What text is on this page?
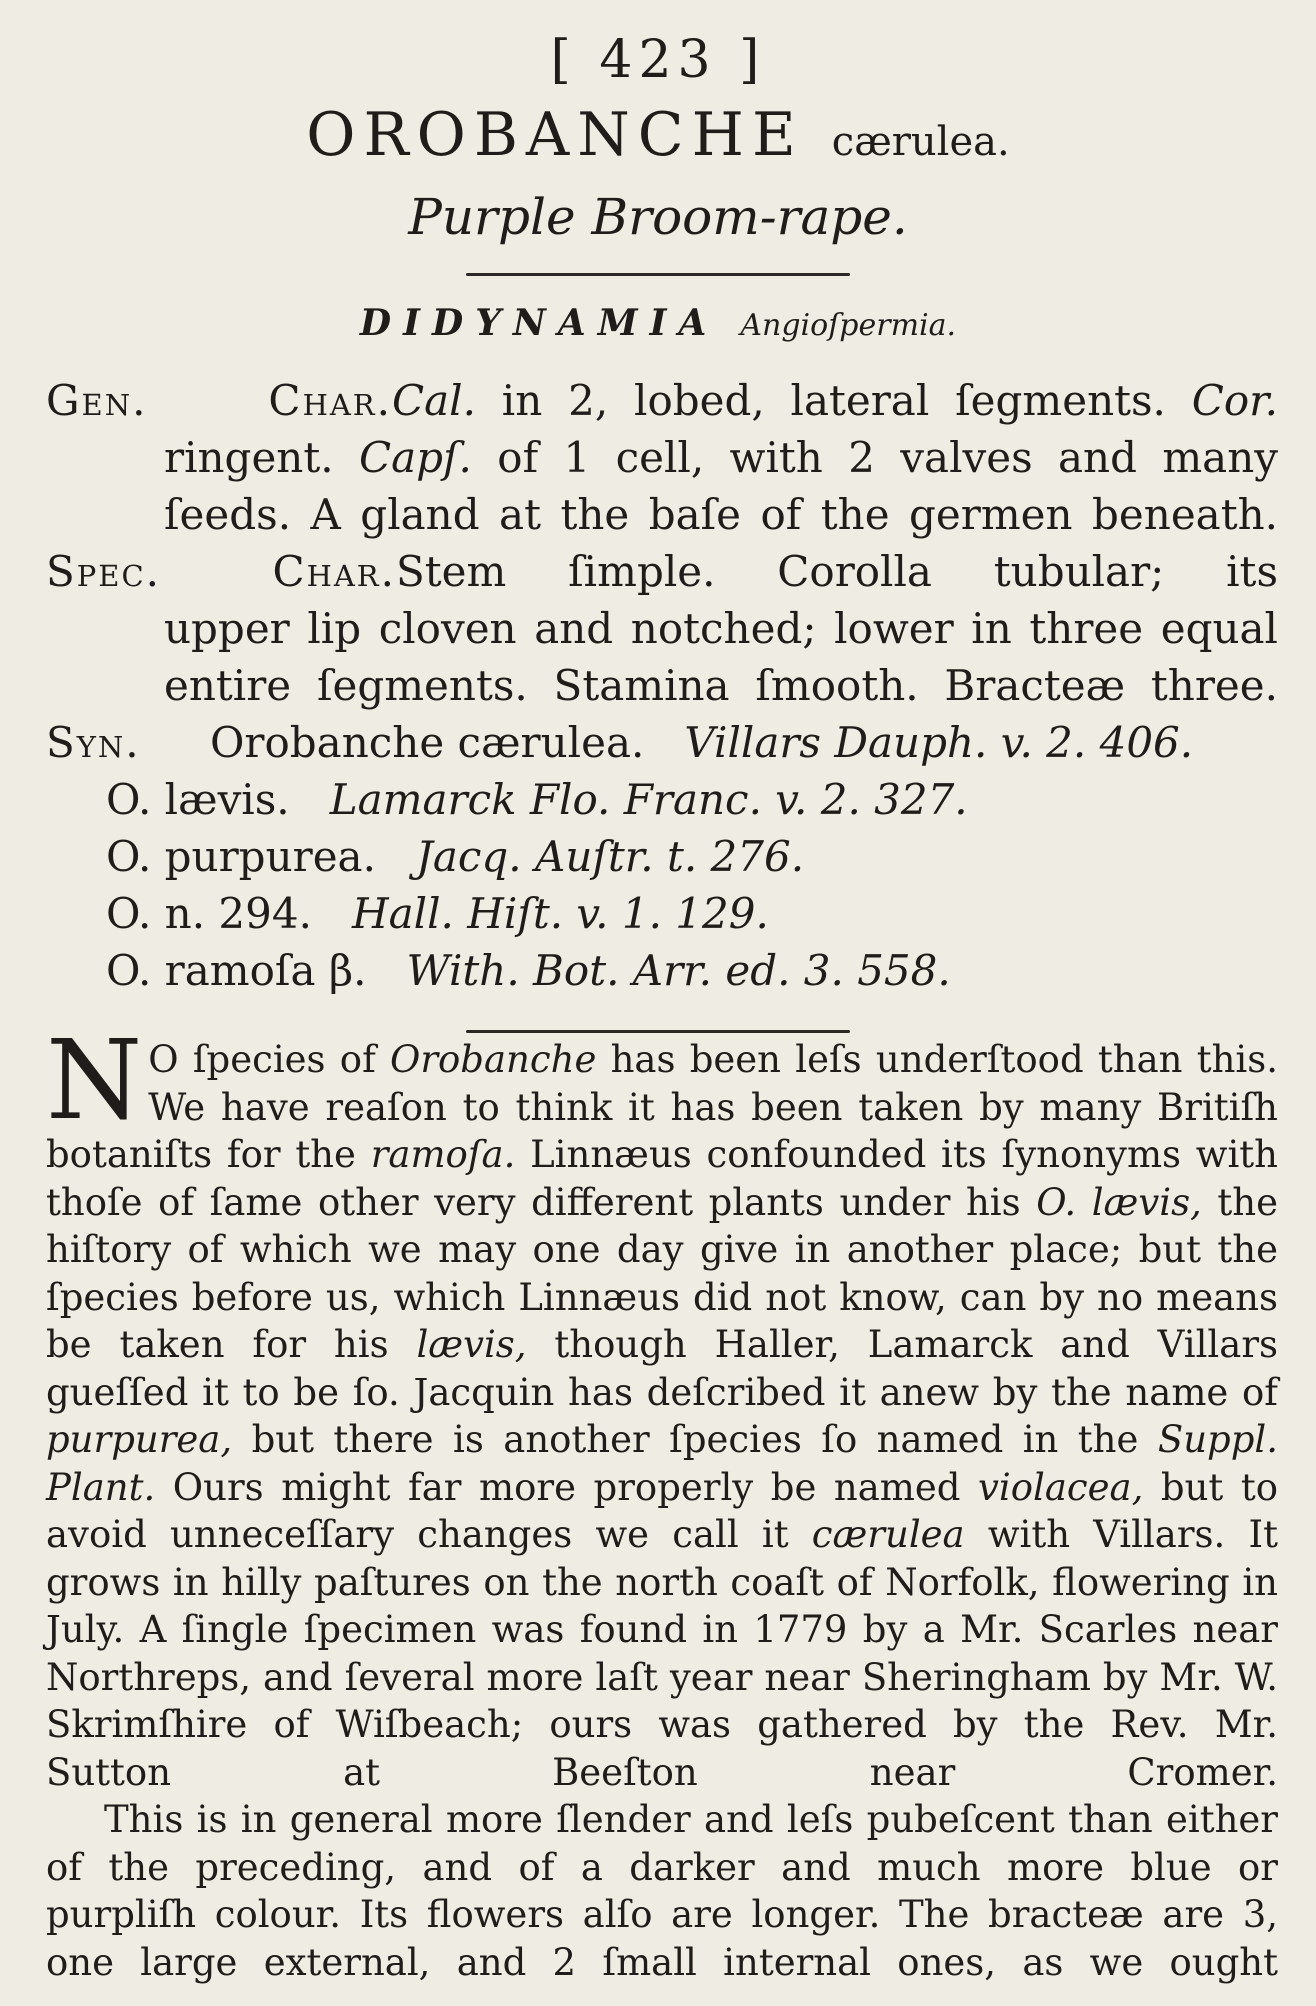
[ 423 ]
OROBANCHE cærulea.
Purple Broom-rape.
DIDYNAMIA Angioſpermia.
Gen. Char.Cal. in 2, lobed, lateral ſegments. Cor.
ringent. Capſ. of 1 cell, with 2 valves and many
ſeeds. A gland at the baſe of the germen beneath.
Spec. Char.Stem ſimple. Corolla tubular; its
upper lip cloven and notched; lower in three equal
entire ſegments. Stamina ſmooth. Bracteæ three.
Syn. Orobanche cærulea. Villars Dauph. v. 2. 406.
O. lævis. Lamarck Flo. Franc. v. 2. 327.
O. purpurea. Jacq. Auſtr. t. 276.
O. n. 294. Hall. Hiſt. v. 1. 129.
O. ramoſa β. With. Bot. Arr. ed. 3. 558.

N O ſpecies of Orobanche has been leſs underſtood than this. We have reaſon to think it has been taken by many Britiſh botaniſts for the ramoſa. Linnæus confounded its ſynonyms with thoſe of ſame other very different plants under his O. lævis, the hiſtory of which we may one day give in another place; but the ſpecies before us, which Linnæus did not know, can by no means be taken for his lævis, though Haller, Lamarck and Villars gueſſed it to be ſo. Jacquin has deſcribed it anew by the name of purpurea, but there is another ſpecies ſo named in the Suppl. Plant. Ours might far more properly be named violacea, but to avoid unneceſſary changes we call it cærulea with Villars. It grows in hilly paſtures on the north coaſt of Norfolk, flowering in July. A ſingle ſpecimen was found in 1779 by a Mr. Scarles near Northreps, and ſeveral more laſt year near Sheringham by Mr. W. Skrimſhire of Wiſbeach; ours was gathered by the Rev. Mr. Sutton at Beeſton near Cromer.

This is in general more ſlender and leſs pubeſcent than either of the preceding, and of a darker and much more blue or purpliſh colour. Its flowers alſo are longer. The bracteæ are 3, one large external, and 2 ſmall internal ones, as we ought
